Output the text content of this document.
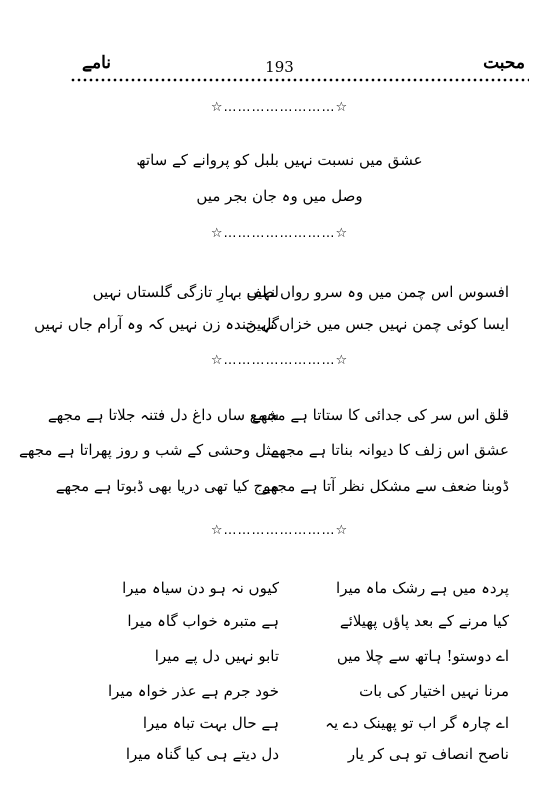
محبت
193
نامے
☆……………………☆
عشق میں نسبت نہیں بلبل کو پروانے کے ساتھ
وصل میں وہ جان بجر میں
☆……………………☆
افسوس اس چمن میں وہ سرو رواں نہیں
لطفِ بہارِ تازگی گلستاں نہیں
ایسا کوئی چمن نہیں جس میں خزاں نہیں
گل خندہ زن نہیں کہ وہ آرام جاں نہیں
☆……………………☆
قلق اس سر کی جدائی کا ستاتا ہے مجھے
شمع ساں داغ دل فتنہ جلاتا ہے مجھے
عشق اس زلف کا دیوانہ بناتا ہے مجھے
مثل وحشی کے شب و روز پھراتا ہے مجھے
ڈوبنا ضعف سے مشکل نظر آتا ہے مجھے
موج کیا تھی دریا بھی ڈبوتا ہے مجھے
☆……………………☆
پردہ میں ہے رشک ماہ میرا
کیوں نہ ہو دن سیاہ میرا
کیا مرنے کے بعد پاؤں پھیلائے
ہے متبرہ خواب گاہ میرا
اے دوستو! ہاتھ سے چلا میں
تابو نہیں دل پے میرا
مرنا نہیں اختیار کی بات
خود جرم ہے عذر خواہ میرا
اے چارہ گر اب تو پھینک دے یہ
ہے حال بہت تباہ میرا
ناصح انصاف تو ہی کر یار
دل دیتے ہی کیا گناہ میرا
